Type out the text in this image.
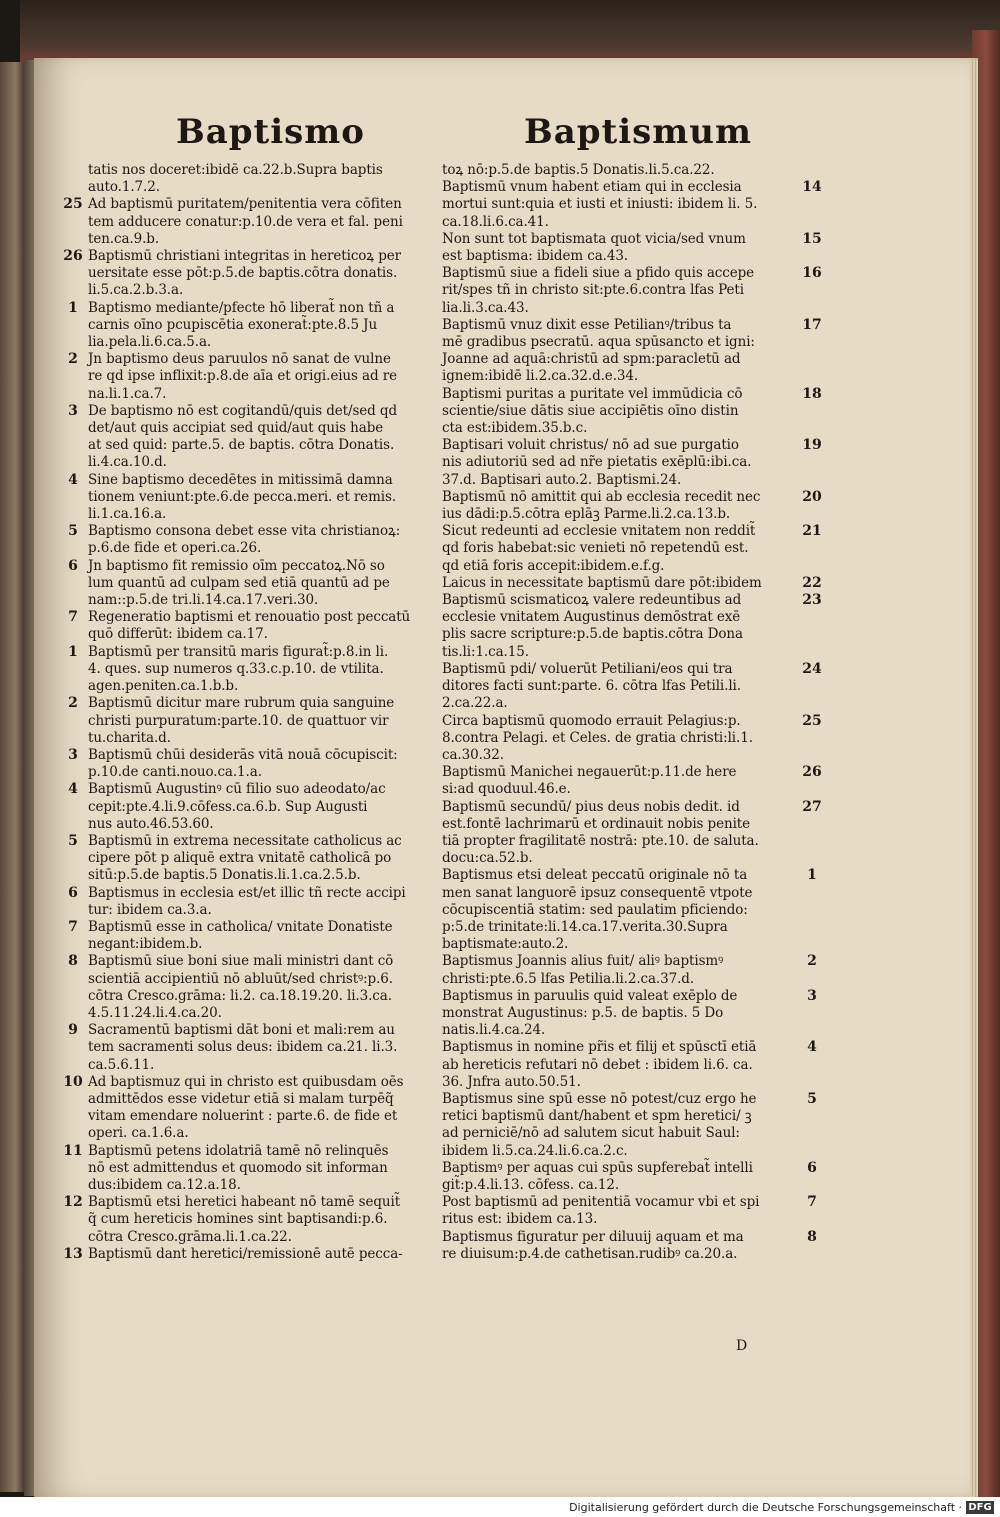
Baptismo	Baptismum
tatis nos doceret:ibidē ca.22.b.Supra baptis
auto.1.7.2.
25 Ad baptismū puritatem/penitentia vera cōfiten
tem adducere conatur:p.10.de vera et fal. peni
ten.ca.9.b.
26 Baptismū christiani integritas in hereticoꝝ per
uersitate esse pōt:p.5.de baptis.cōtra donatis.
li.5.ca.2.b.3.a.
1 Baptismo mediante/pfecte hō liberat̃ non tñ a
carnis oīno pcupiscētia exonerat̃:pte.8.5 Ju
lia.pela.li.6.ca.5.a.
2 Jn baptismo deus paruulos nō sanat de vulne
re qd ipse inflixit:p.8.de aīa et origi.eius ad re
na.li.1.ca.7.
3 De baptismo nō est cogitandū/quis det/sed qd
det/aut quis accipiat sed quid/aut quis habe
at sed quid: parte.5. de baptis. cōtra Donatis.
li.4.ca.10.d.
4 Sine baptismo decedētes in mitissimā damna
tionem veniunt:pte.6.de pecca.meri. et remis.
li.1.ca.16.a.
5 Baptismo consona debet esse vita christianoꝝ:
p.6.de fide et operi.ca.26.
6 Jn baptismo fit remissio oīm peccatoꝝ.Nō so
lum quantū ad culpam sed etiā quantū ad pe
nam::p.5.de tri.li.14.ca.17.veri.30.
7 Regeneratio baptismi et renouatio post peccatū
quō differūt: ibidem ca.17.
1 Baptismū per transitū maris figurat̃:p.8.in li.
4. ques. sup numeros q.33.c.p.10. de vtilita.
agen.peniten.ca.1.b.b.
2 Baptismū dicitur mare rubrum quia sanguine
christi purpuratum:parte.10. de quattuor vir
tu.charita.d.
3 Baptismū chūi desiderās vitā nouā cōcupiscit:
p.10.de canti.nouo.ca.1.a.
4 Baptismū Augustinꝰ cū filio suo adeodato/ac
cepit:pte.4.li.9.cōfess.ca.6.b. Sup Augusti
nus auto.46.53.60.
5 Baptismū in extrema necessitate catholicus ac
cipere pōt p aliquē extra vnitatē catholicā po
sitū:p.5.de baptis.5 Donatis.li.1.ca.2.5.b.
6 Baptismus in ecclesia est/et illic tñ recte accipi
tur: ibidem ca.3.a.
7 Baptismū esse in catholica/ vnitate Donatiste
negant:ibidem.b.
8 Baptismū siue boni siue mali ministri dant cō
scientiā accipientiū nō abluūt/sed christꝰ:p.6.
cōtra Cresco.grāma: li.2. ca.18.19.20. li.3.ca.
4.5.11.24.li.4.ca.20.
9 Sacramentū baptismi dāt boni et mali:rem au
tem sacramenti solus deus: ibidem ca.21. li.3.
ca.5.6.11.
10 Ad baptismuz qui in christo est quibusdam oēs
admittēdos esse videtur etiā si malam turpēq̃
vitam emendare noluerint : parte.6. de fide et
operi. ca.1.6.a.
11 Baptismū petens idolatriā tamē nō relinquēs
nō est admittendus et quomodo sit informan
dus:ibidem ca.12.a.18.
12 Baptismū etsi heretici habeant nō tamē sequit̃
q̃ cum hereticis homines sint baptisandi:p.6.
cōtra Cresco.grāma.li.1.ca.22.
13 Baptismū dant heretici/remissionē autē pecca-
toꝝ nō:p.5.de baptis.5 Donatis.li.5.ca.22.
14
Baptismū vnum habent etiam qui in ecclesia
mortui sunt:quia et iusti et iniusti: ibidem li. 5.
ca.18.li.6.ca.41.
15
Non sunt tot baptismata quot vicia/sed vnum
est baptisma: ibidem ca.43.
16
Baptismū siue a fideli siue a pfido quis accepe
rit/spes tñ in christo sit:pte.6.contra lfas Peti
lia.li.3.ca.43.
17
Baptismū vnuz dixit esse Petilianꝰ/tribus ta
mē gradibus psecratū. aqua spūsancto et igni:
Joanne ad aquā:christū ad spm:paracletū ad
ignem:ibidē li.2.ca.32.d.e.34.
18
Baptismi puritas a puritate vel immūdicia cō
scientie/siue dātis siue accipiētis oīno distin
cta est:ibidem.35.b.c.
19
Baptisari voluit christus/ nō ad sue purgatio
nis adiutoriū sed ad nr̃e pietatis exēplū:ibi.ca.
37.d. Baptisari auto.2. Baptismi.24.
20
Baptismū nō amittit qui ab ecclesia recedit nec
ius dādi:p.5.cōtra eplāꝫ Parme.li.2.ca.13.b.
21
Sicut redeunti ad ecclesie vnitatem non reddit̃
qd foris habebat:sic venieti nō repetendū est.
qd etiā foris accepit:ibidem.e.f.g.
22
Laicus in necessitate baptismū dare pōt:ibidem
23
Baptismū scismaticoꝝ valere redeuntibus ad
ecclesie vnitatem Augustinus demōstrat exē
plis sacre scripture:p.5.de baptis.cōtra Dona
tis.li:1.ca.15.
24
Baptismū pdi/ voluerūt Petiliani/eos qui tra
ditores facti sunt:parte. 6. cōtra lfas Petili.li.
2.ca.22.a.
25
Circa baptismū quomodo errauit Pelagius:p.
8.contra Pelagi. et Celes. de gratia christi:li.1.
ca.30.32.
26
Baptismū Manichei negauerūt:p.11.de here
si:ad quoduul.46.e.
27
Baptismū secundū/ pius deus nobis dedit. id
est.fontē lachrimarū et ordinauit nobis penite
tiā propter fragilitatē nostrā: pte.10. de saluta.
docu:ca.52.b.
1
Baptismus etsi deleat peccatū originale nō ta
men sanat languorē ipsuz consequentē vtpote
cōcupiscentiā statim: sed paulatim pficiendo:
p:5.de trinitate:li.14.ca.17.verita.30.Supra
baptismate:auto.2.
2
Baptismus Joannis alius fuit/ aliꝰ baptismꝰ
christi:pte.6.5 lfas Petilia.li.2.ca.37.d.
3
Baptismus in paruulis quid valeat exēplo de
monstrat Augustinus: p.5. de baptis. 5 Do
natis.li.4.ca.24.
4
Baptismus in nomine pr̃is et filij et spūsctī etiā
ab hereticis refutari nō debet : ibidem li.6. ca.
36. Jnfra auto.50.51.
5
Baptismus sine spū esse nō potest/cuz ergo he
retici baptismū dant/habent et spm heretici/ ꝫ
ad perniciē/nō ad salutem sicut habuit Saul:
ibidem li.5.ca.24.li.6.ca.2.c.
6
Baptismꝰ per aquas cui spūs supferebat̃ intelli
git̃:p.4.li.13. cōfess. ca.12.
7
Post baptismū ad penitentiā vocamur vbi et spi
ritus est: ibidem ca.13.
8
Baptismus figuratur per diluuij aquam et ma
re diuisum:p.4.de cathetisan.rudibꝰ ca.20.a.
D
Digitalisierung gefördert durch die Deutsche Forschungsgemeinschaft · DFG
